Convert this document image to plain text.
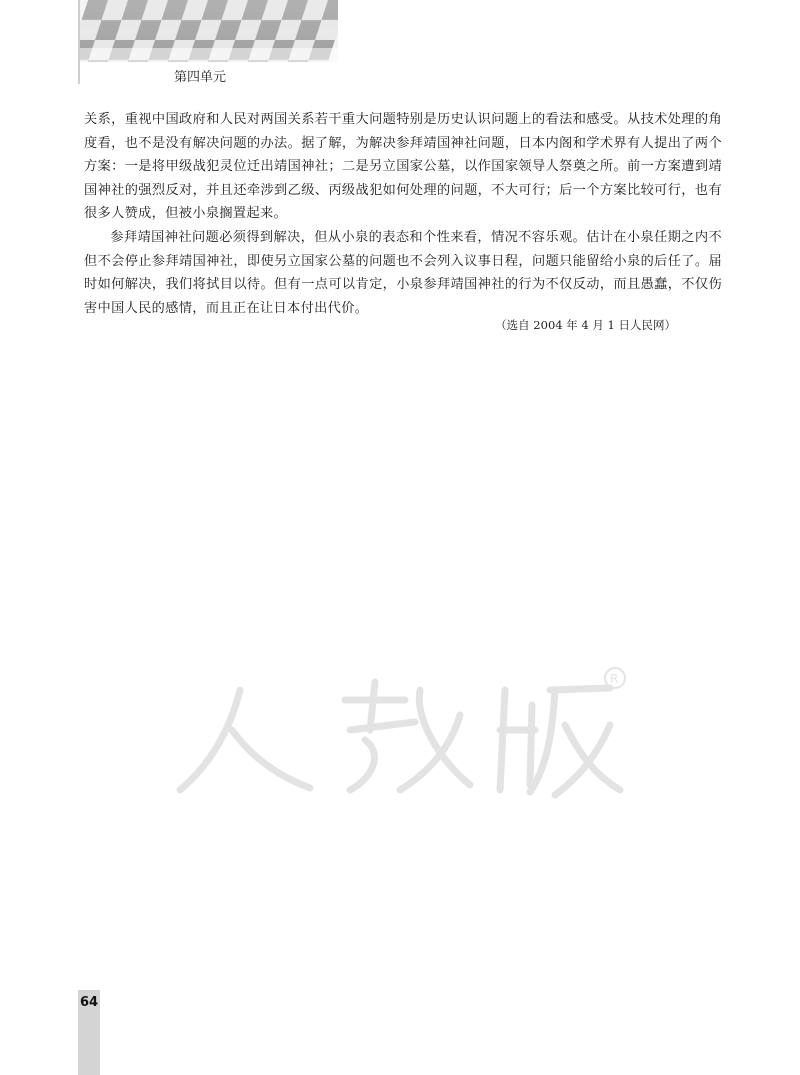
第四单元

关系，重视中国政府和人民对两国关系若干重大问题特别是历史认识问题上的看法和感受。从技术处理的角度看，也不是没有解决问题的办法。据了解，为解决参拜靖国神社问题，日本内阁和学术界有人提出了两个方案：一是将甲级战犯灵位迁出靖国神社；二是另立国家公墓，以作国家领导人祭奠之所。前一方案遭到靖国神社的强烈反对，并且还牵涉到乙级、丙级战犯如何处理的问题，不大可行；后一个方案比较可行，也有很多人赞成，但被小泉搁置起来。

参拜靖国神社问题必须得到解决，但从小泉的表态和个性来看，情况不容乐观。估计在小泉任期之内不但不会停止参拜靖国神社，即使另立国家公墓的问题也不会列入议事日程，问题只能留给小泉的后任了。届时如何解决，我们将拭目以待。但有一点可以肯定，小泉参拜靖国神社的行为不仅反动，而且愚蠢，不仅伤害中国人民的感情，而且正在让日本付出代价。

（选自 2004 年 4 月 1 日人民网）
R
64
